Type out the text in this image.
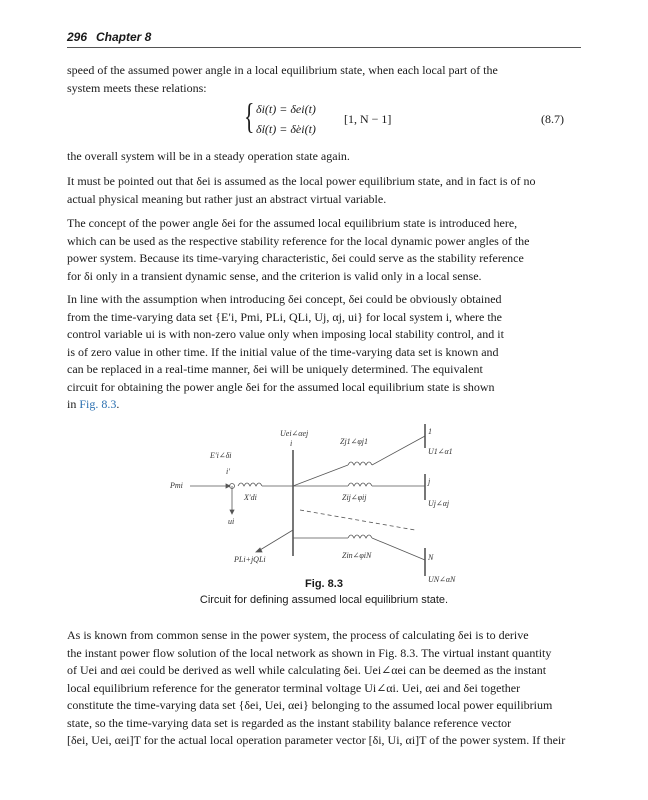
296 Chapter 8

speed of the assumed power angle in a local equilibrium state, when each local part of the
system meets these relations:

{ δi(t) = δei(t)
δ̇i(t) = δ̇ei(t)
[1, N − 1]	(8.7)

the overall system will be in a steady operation state again.

It must be pointed out that δei is assumed as the local power equilibrium state, and in fact is of no
actual physical meaning but rather just an abstract virtual variable.

The concept of the power angle δei for the assumed local equilibrium state is introduced here,
which can be used as the respective stability reference for the local dynamic power angles of the
power system. Because its time-varying characteristic, δei could serve as the stability reference
for δi only in a transient dynamic sense, and the criterion is valid only in a local sense.

In line with the assumption when introducing δei concept, δei could be obviously obtained
from the time-varying data set {E′i, Pmi, PLi, QLi, Uj, αj, ui} for local system i, where the
control variable ui is with non-zero value only when imposing local stability control, and it
is of zero value in other time. If the initial value of the time-varying data set is known and
can be replaced in a real-time manner, δei will be uniquely determined. The equivalent
circuit for obtaining the power angle δei for the assumed local equilibrium state is shown
in Fig. 8.3.

Uei∠αej
Zj1∠φj1
1
U1∠α1
E′i∠δi
i
i′
Pmi
X′di
j
Zij∠φij
Uj∠αj
ui
PLi+jQLi	Zin∠φiN	N
UN∠αN
Fig. 8.3
Circuit for defining assumed local equilibrium state.

As is known from common sense in the power system, the process of calculating δei is to derive
the instant power flow solution of the local network as shown in Fig. 8.3. The virtual instant quantity
of Uei and αei could be derived as well while calculating δei. Uei∠αei can be deemed as the instant
local equilibrium reference for the generator terminal voltage Ui∠αi. Uei, αei and δei together
constitute the time-varying data set {δei, Uei, αei} belonging to the assumed local power equilibrium
state, so the time-varying data set is regarded as the instant stability balance reference vector
[δei, Uei, αei]T for the actual local operation parameter vector [δi, Ui, αi]T of the power system. If their
